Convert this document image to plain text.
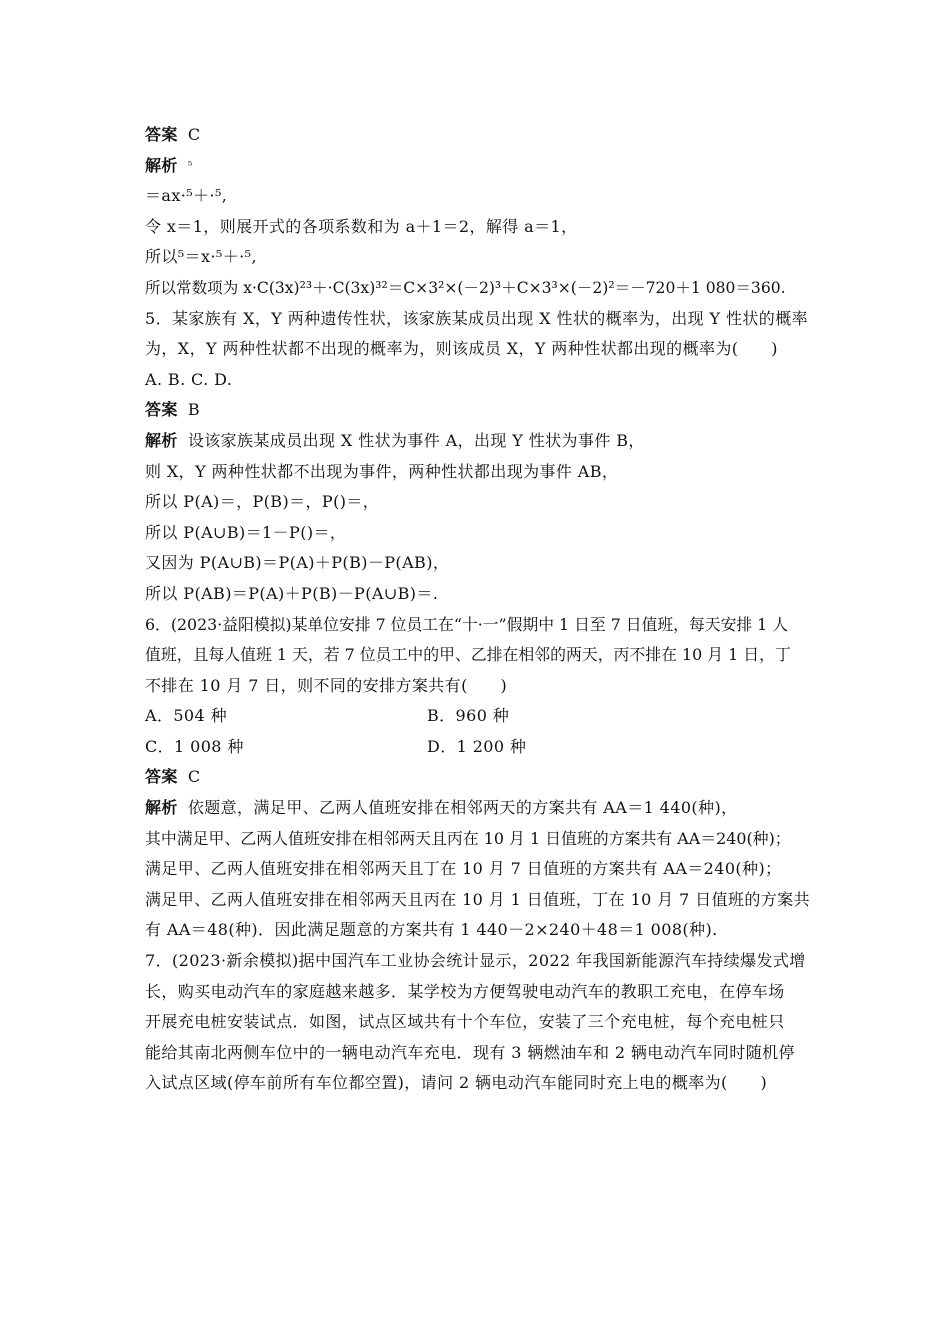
答案 C
解析 $^{^5}$
＝ax·⁵＋·⁵,
令 x＝1，则展开式的各项系数和为 a＋1＝2，解得 a＝1，
所以⁵＝x·⁵＋·⁵,
所以常数项为 x·C(3x)²³＋·C(3x)³²＝C×3²×(－2)³＋C×3³×(－2)²＝－720＋1 080＝360.
5．某家族有 X，Y 两种遗传性状，该家族某成员出现 X 性状的概率为，出现 Y 性状的概率
为，X，Y 两种性状都不出现的概率为，则该成员 X，Y 两种性状都出现的概率为(　　)
A. B. C. D.
答案 B
解析 设该家族某成员出现 X 性状为事件 A，出现 Y 性状为事件 B，
则 X，Y 两种性状都不出现为事件，两种性状都出现为事件 AB，
所以 P(A)＝，P(B)＝，P()＝，
所以 P(A∪B)＝1－P()＝，
又因为 P(A∪B)＝P(A)＋P(B)－P(AB)，
所以 P(AB)＝P(A)＋P(B)－P(A∪B)＝.
6．(2023·益阳模拟)某单位安排 7 位员工在“十·一”假期中 1 日至 7 日值班，每天安排 1 人
值班，且每人值班 1 天，若 7 位员工中的甲、乙排在相邻的两天，丙不排在 10 月 1 日，丁
不排在 10 月 7 日，则不同的安排方案共有(　　)
A．504 种	B．960 种
C．1 008 种	D．1 200 种
答案 C
解析 依题意，满足甲、乙两人值班安排在相邻两天的方案共有 AA＝1 440(种)，
其中满足甲、乙两人值班安排在相邻两天且丙在 10 月 1 日值班的方案共有 AA＝240(种)；
满足甲、乙两人值班安排在相邻两天且丁在 10 月 7 日值班的方案共有 AA＝240(种)；
满足甲、乙两人值班安排在相邻两天且丙在 10 月 1 日值班，丁在 10 月 7 日值班的方案共
有 AA＝48(种)．因此满足题意的方案共有 1 440－2×240＋48＝1 008(种).
7．(2023·新余模拟)据中国汽车工业协会统计显示，2022 年我国新能源汽车持续爆发式增
长，购买电动汽车的家庭越来越多．某学校为方便驾驶电动汽车的教职工充电，在停车场
开展充电桩安装试点．如图，试点区域共有十个车位，安装了三个充电桩，每个充电桩只
能给其南北两侧车位中的一辆电动汽车充电．现有 3 辆燃油车和 2 辆电动汽车同时随机停
入试点区域(停车前所有车位都空置)，请问 2 辆电动汽车能同时充上电的概率为(　　)
